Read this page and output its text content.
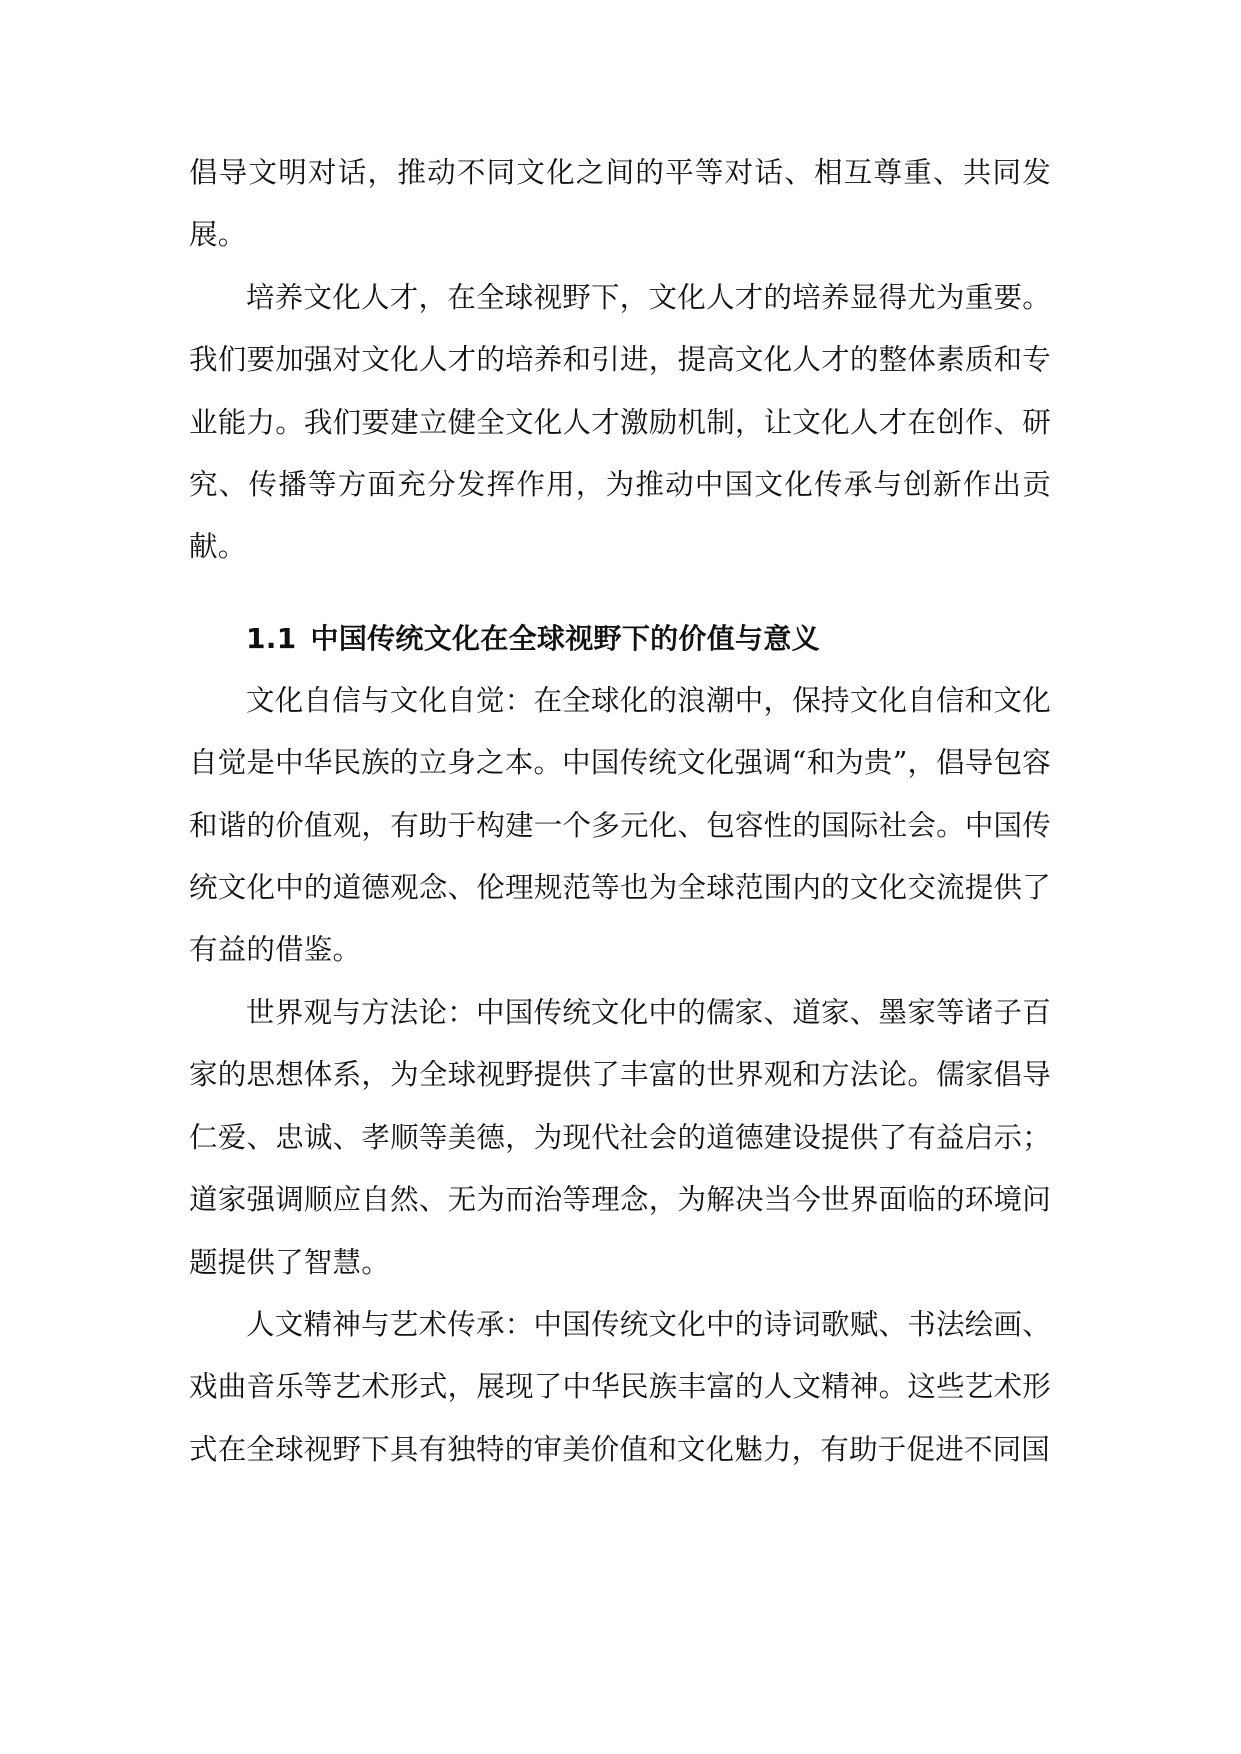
倡导文明对话，推动不同文化之间的平等对话、相互尊重、共同发展。

培养文化人才，在全球视野下，文化人才的培养显得尤为重要。我们要加强对文化人才的培养和引进，提高文化人才的整体素质和专业能力。我们要建立健全文化人才激励机制，让文化人才在创作、研究、传播等方面充分发挥作用，为推动中国文化传承与创新作出贡献。

1.1 中国传统文化在全球视野下的价值与意义

文化自信与文化自觉：在全球化的浪潮中，保持文化自信和文化自觉是中华民族的立身之本。中国传统文化强调“和为贵”，倡导包容和谐的价值观，有助于构建一个多元化、包容性的国际社会。中国传统文化中的道德观念、伦理规范等也为全球范围内的文化交流提供了有益的借鉴。

世界观与方法论：中国传统文化中的儒家、道家、墨家等诸子百家的思想体系，为全球视野提供了丰富的世界观和方法论。儒家倡导仁爱、忠诚、孝顺等美德，为现代社会的道德建设提供了有益启示；道家强调顺应自然、无为而治等理念，为解决当今世界面临的环境问题提供了智慧。

人文精神与艺术传承：中国传统文化中的诗词歌赋、书法绘画、戏曲音乐等艺术形式，展现了中华民族丰富的人文精神。这些艺术形式在全球视野下具有独特的审美价值和文化魅力，有助于促进不同国
